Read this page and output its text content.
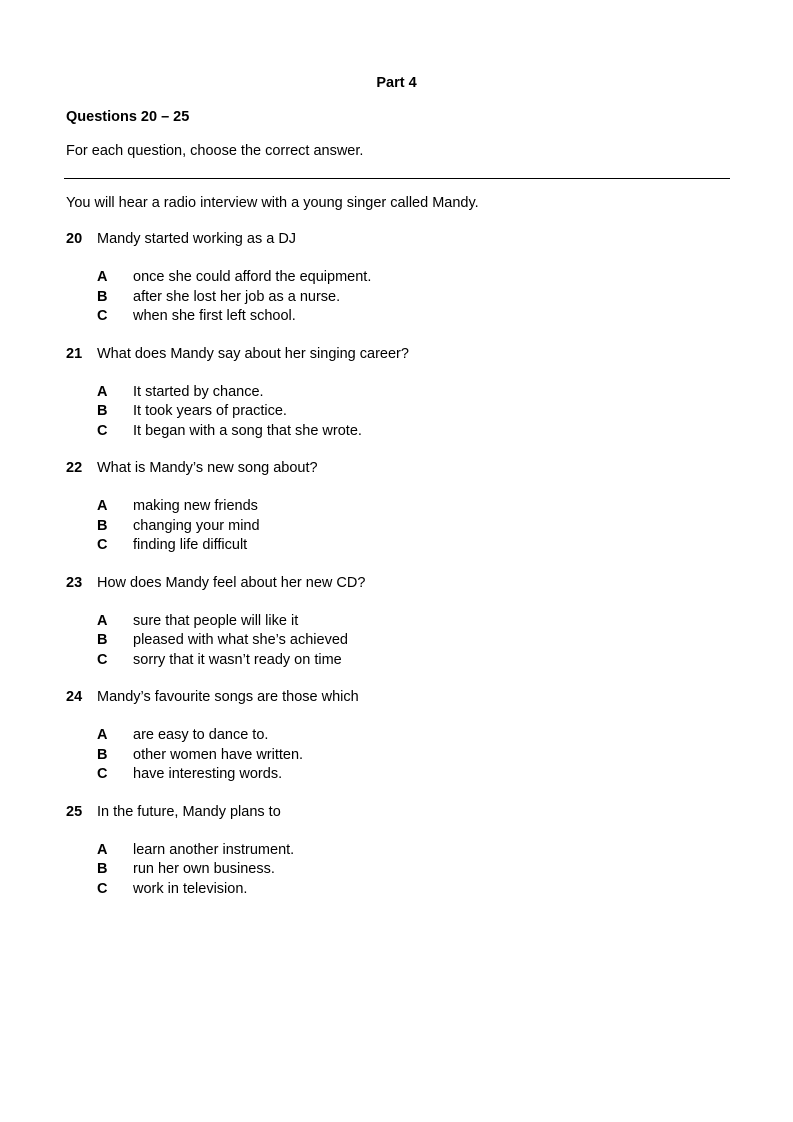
Part 4
Questions 20 – 25
For each question, choose the correct answer.
You will hear a radio interview with a young singer called Mandy.
20 Mandy started working as a DJ
A once she could afford the equipment.
B after she lost her job as a nurse.
C when she first left school.
21 What does Mandy say about her singing career?
A It started by chance.
B It took years of practice.
C It began with a song that she wrote.
22 What is Mandy’s new song about?
A making new friends
B changing your mind
C finding life difficult
23 How does Mandy feel about her new CD?
A sure that people will like it
B pleased with what she’s achieved
C sorry that it wasn’t ready on time
24 Mandy’s favourite songs are those which
A are easy to dance to.
B other women have written.
C have interesting words.
25 In the future, Mandy plans to
A learn another instrument.
B run her own business.
C work in television.
